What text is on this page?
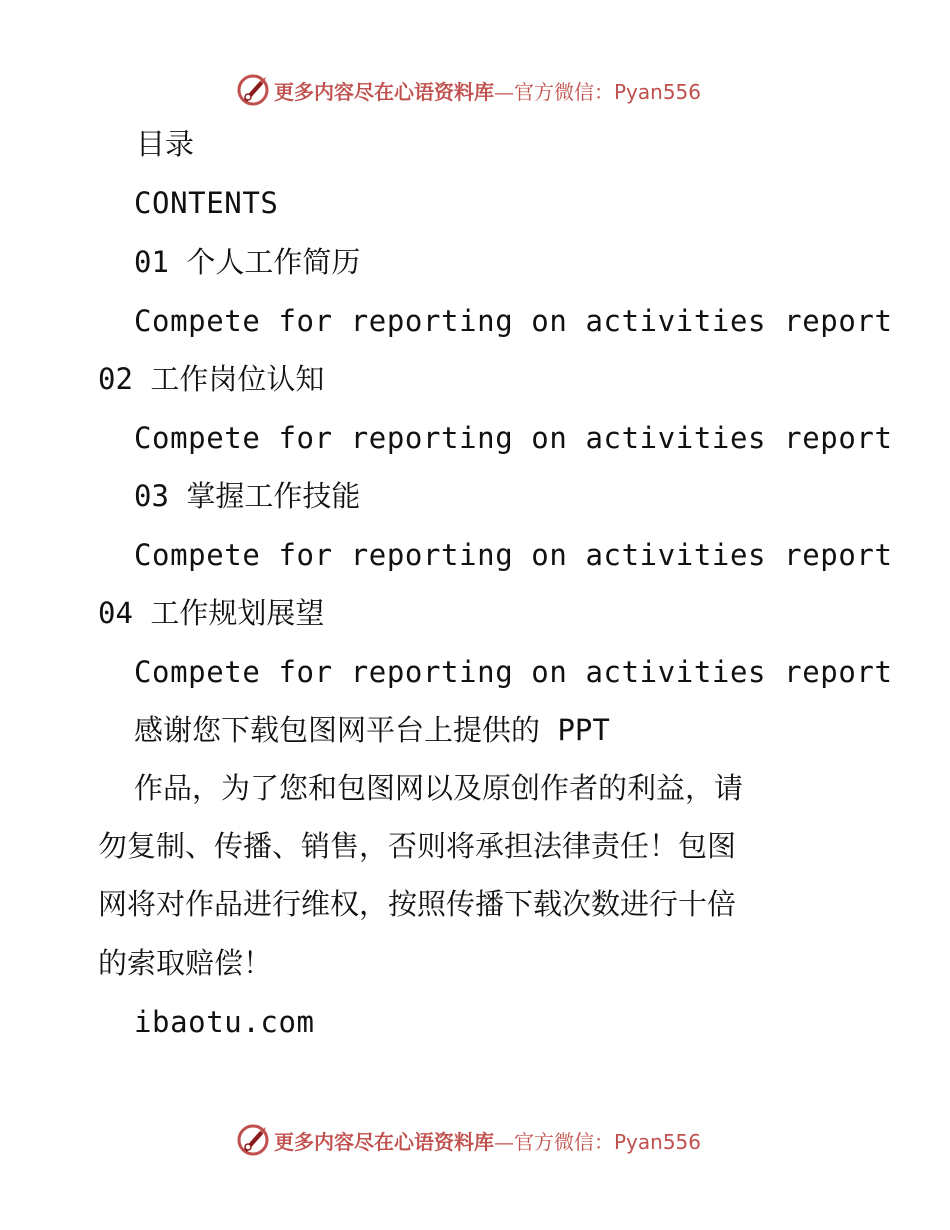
更多内容尽在心语资料库—官方微信：Pyan556
目录
CONTENTS
01 个人工作简历
Compete for reporting on activities report
02 工作岗位认知
Compete for reporting on activities report
03 掌握工作技能
Compete for reporting on activities report
04 工作规划展望
Compete for reporting on activities report
感谢您下载包图网平台上提供的 PPT
作品，为了您和包图网以及原创作者的利益，请
勿复制、传播、销售，否则将承担法律责任！包图
网将对作品进行维权，按照传播下载次数进行十倍
的索取赔偿！
ibaotu.com
更多内容尽在心语资料库—官方微信：Pyan556
